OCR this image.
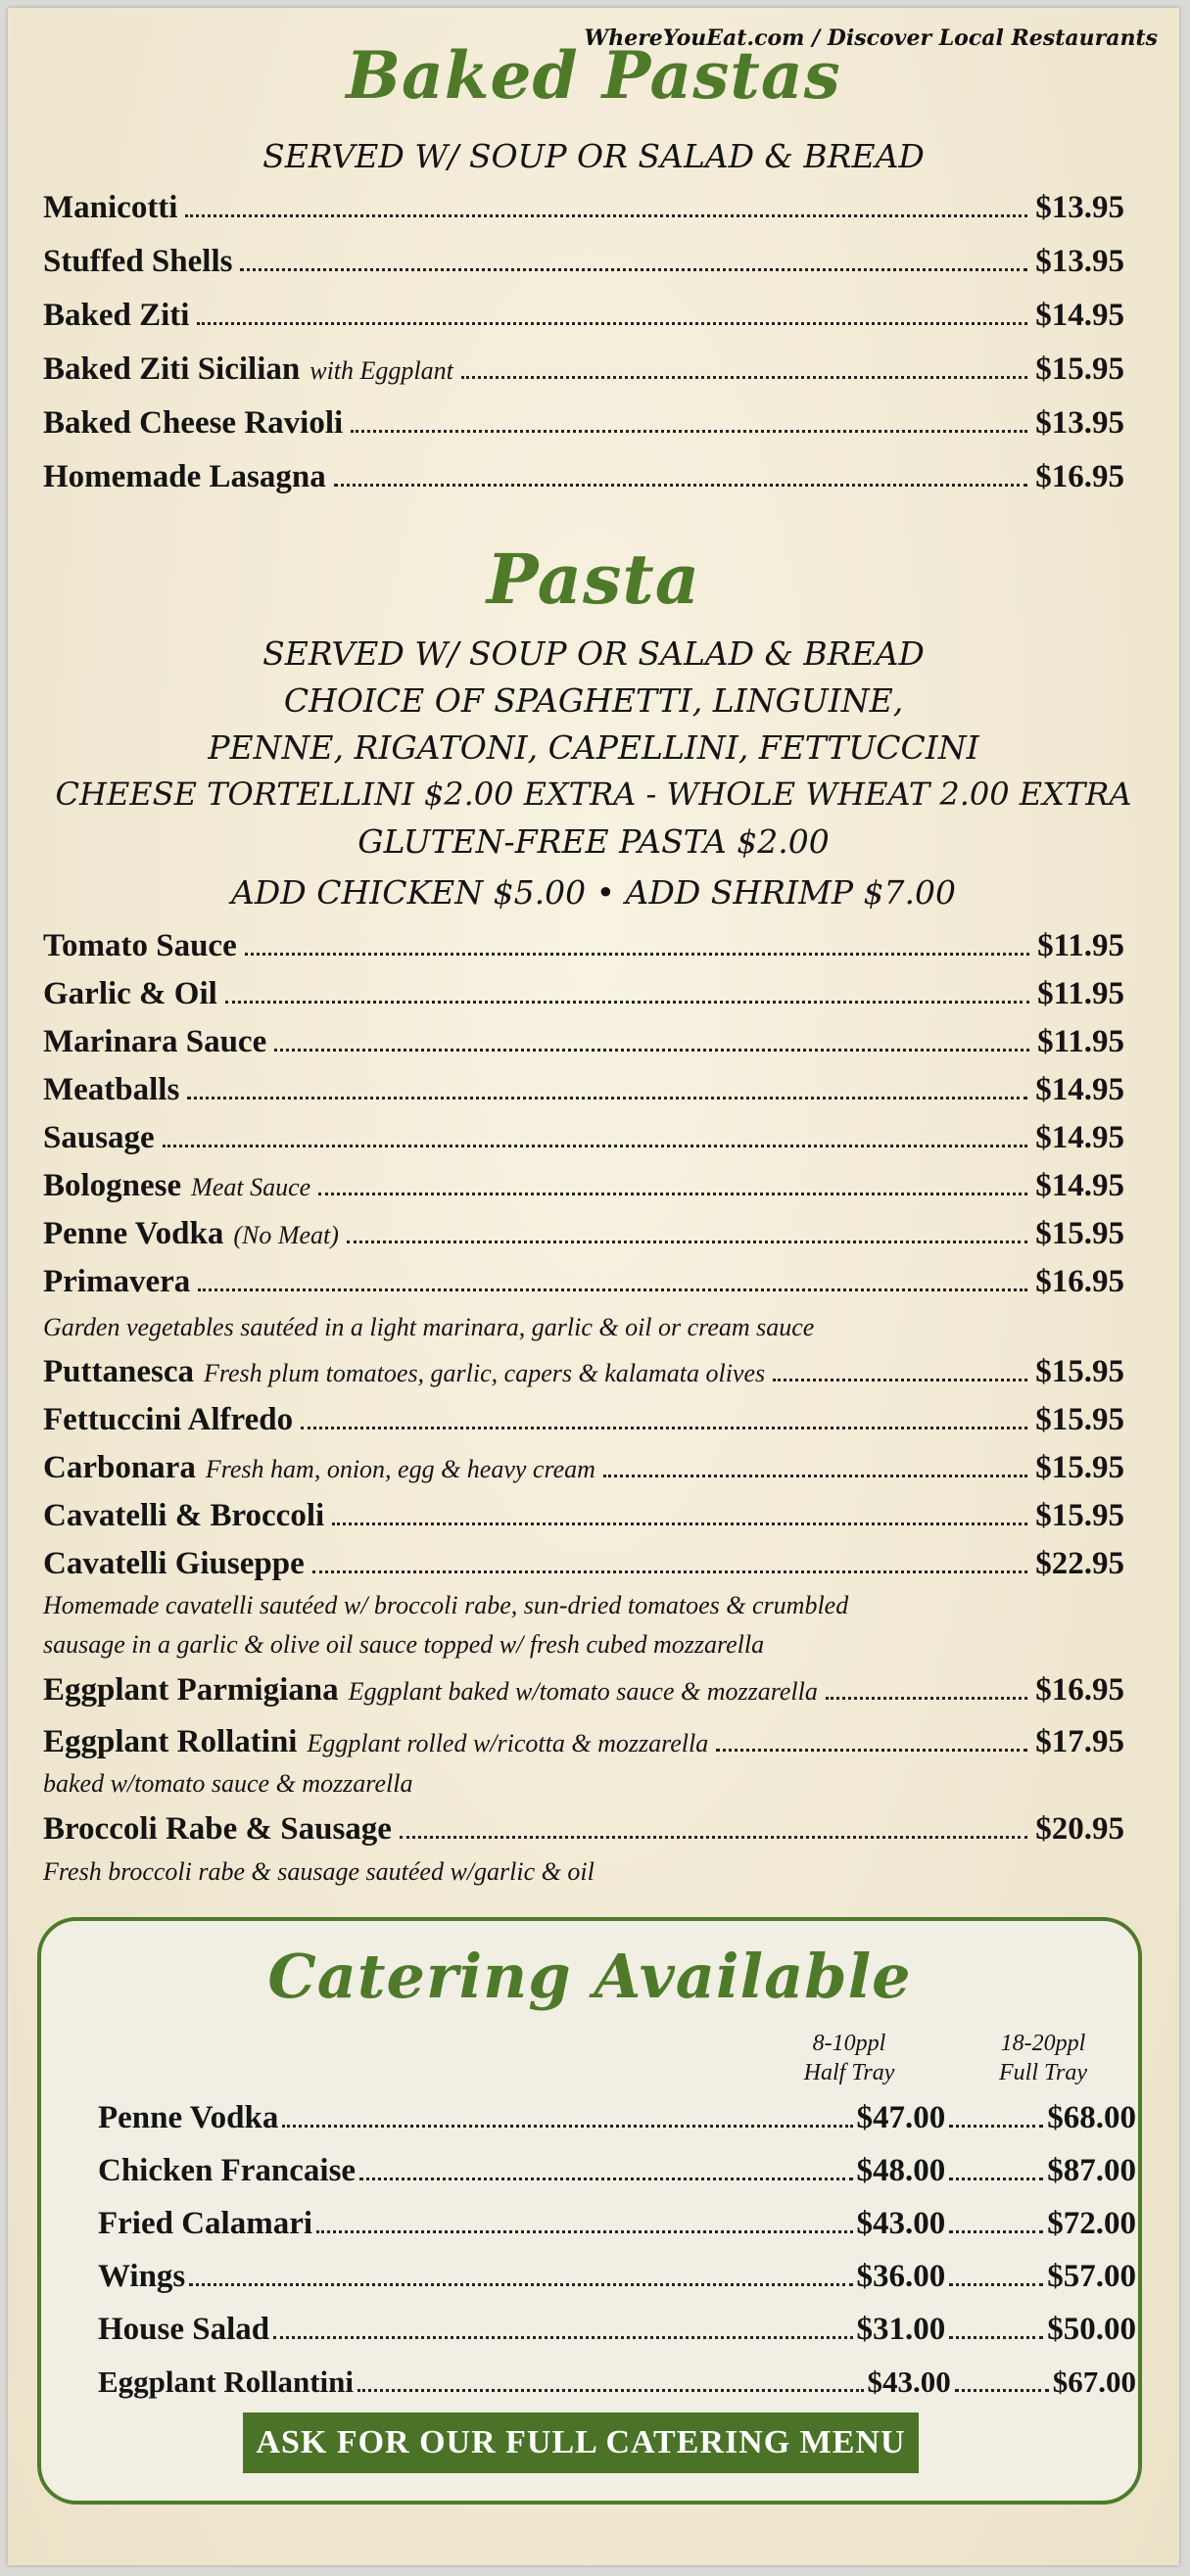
WhereYouEat.com / Discover Local Restaurants
Baked Pastas
SERVED W/ SOUP OR SALAD & BREAD
Manicotti	$13.95
Stuffed Shells	$13.95
Baked Ziti	$14.95
Baked Ziti Sicilian with Eggplant	$15.95
Baked Cheese Ravioli	$13.95
Homemade Lasagna	$16.95
Pasta
SERVED W/ SOUP OR SALAD & BREAD
CHOICE OF SPAGHETTI, LINGUINE,
PENNE, RIGATONI, CAPELLINI, FETTUCCINI
CHEESE TORTELLINI $2.00 EXTRA - WHOLE WHEAT 2.00 EXTRA
GLUTEN-FREE PASTA $2.00
ADD CHICKEN $5.00 • ADD SHRIMP $7.00
Tomato Sauce	$11.95
Garlic & Oil	$11.95
Marinara Sauce	$11.95
Meatballs	$14.95
Sausage	$14.95
Bolognese Meat Sauce	$14.95
Penne Vodka (No Meat)	$15.95
Primavera	$16.95
Garden vegetables sautéed in a light marinara, garlic & oil or cream sauce
Puttanesca Fresh plum tomatoes, garlic, capers & kalamata olives	$15.95
Fettuccini Alfredo	$15.95
Carbonara Fresh ham, onion, egg & heavy cream	$15.95
Cavatelli & Broccoli	$15.95
Cavatelli Giuseppe	$22.95
Homemade cavatelli sautéed w/ broccoli rabe, sun-dried tomatoes & crumbled
sausage in a garlic & olive oil sauce topped w/ fresh cubed mozzarella
Eggplant Parmigiana Eggplant baked w/tomato sauce & mozzarella	$16.95
Eggplant Rollatini Eggplant rolled w/ricotta & mozzarella	$17.95
baked w/tomato sauce & mozzarella
Broccoli Rabe & Sausage	$20.95
Fresh broccoli rabe & sausage sautéed w/garlic & oil
Catering Available
8-10ppl
Half Tray
18-20ppl
Full Tray
Penne Vodka	$47.00	$68.00
Chicken Francaise	$48.00	$87.00
Fried Calamari	$43.00	$72.00
Wings	$36.00	$57.00
House Salad	$31.00	$50.00
Eggplant Rollantini	$43.00	$67.00
ASK FOR OUR FULL CATERING MENU
